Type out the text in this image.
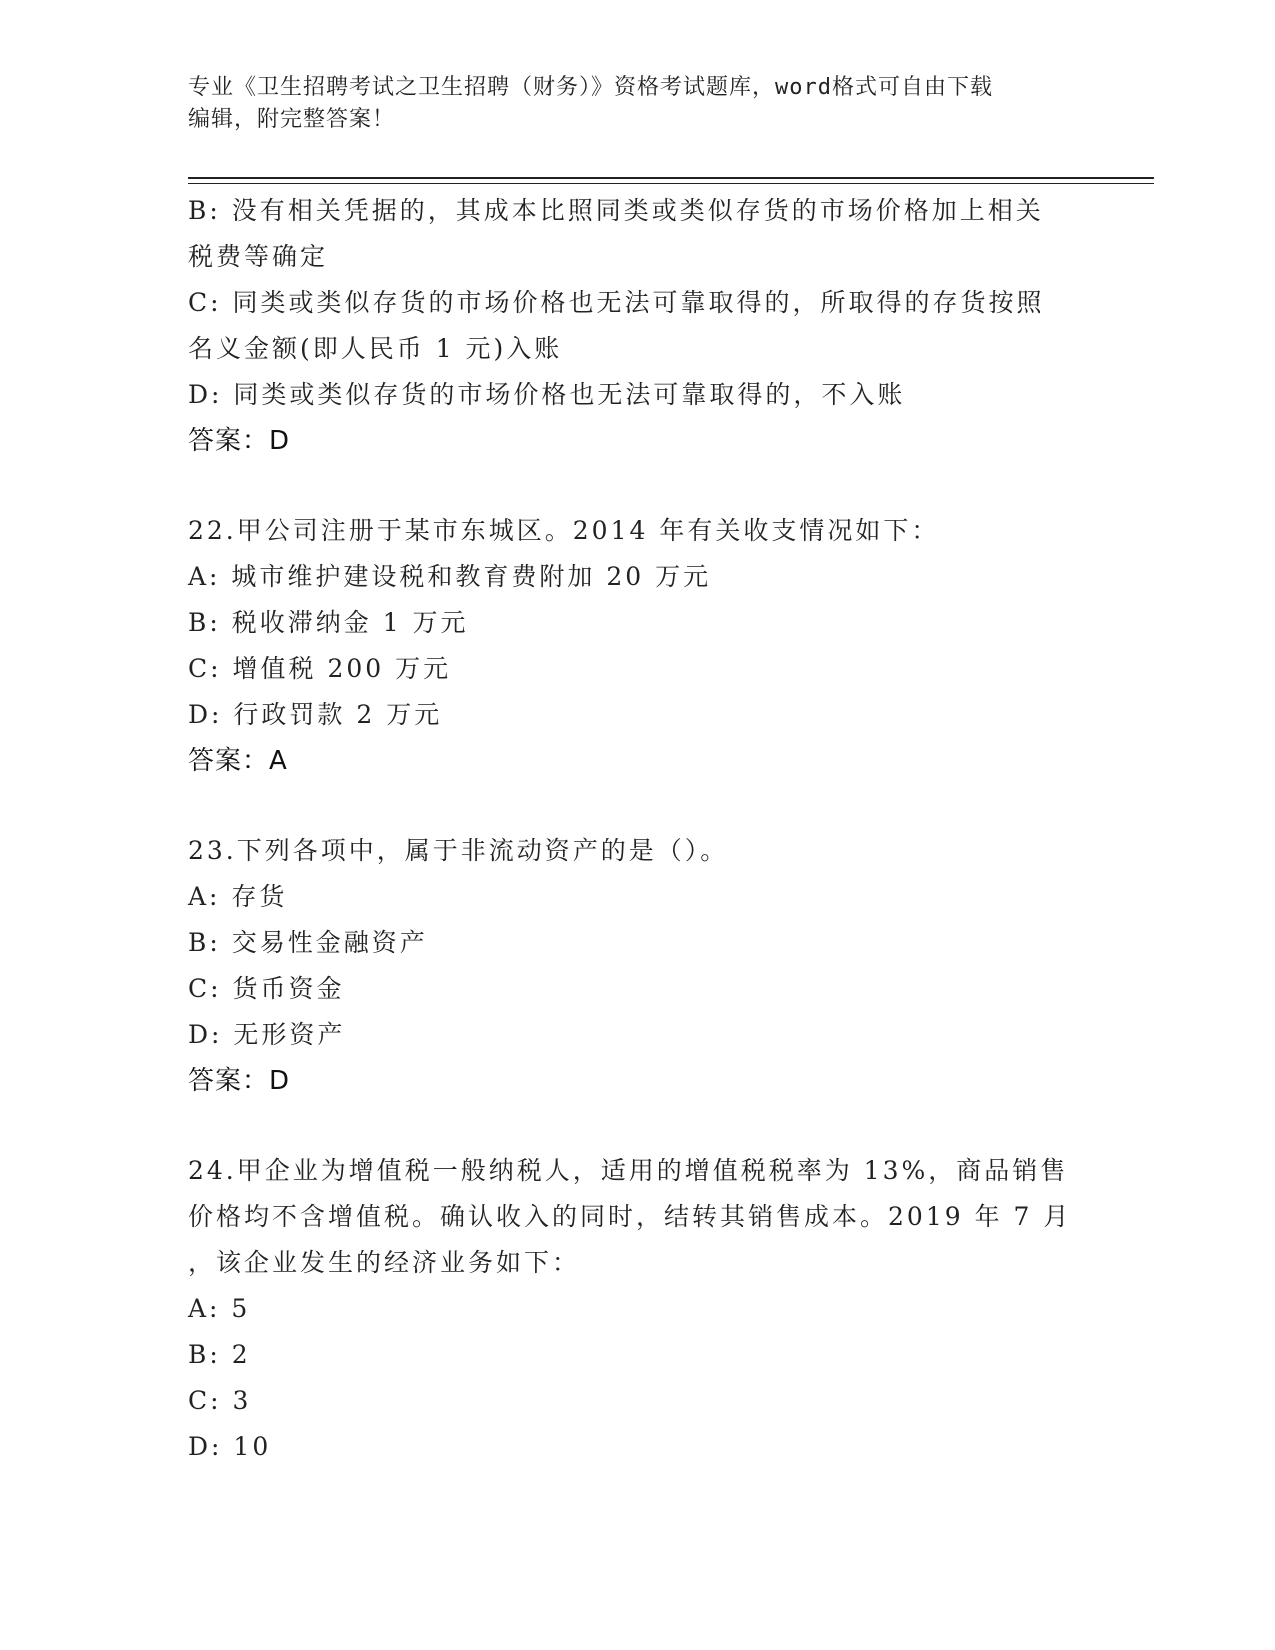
专业《卫生招聘考试之卫生招聘（财务）》资格考试题库，word格式可自由下载
编辑，附完整答案！
B: 没有相关凭据的，其成本比照同类或类似存货的市场价格加上相关
税费等确定
C: 同类或类似存货的市场价格也无法可靠取得的，所取得的存货按照
名义金额(即人民币 1 元)入账
D: 同类或类似存货的市场价格也无法可靠取得的，不入账
答案：D
22.甲公司注册于某市东城区。2014 年有关收支情况如下：
A: 城市维护建设税和教育费附加 20 万元
B: 税收滞纳金 1 万元
C: 增值税 200 万元
D: 行政罚款 2 万元
答案：A
23.下列各项中，属于非流动资产的是（）。
A: 存货
B: 交易性金融资产
C: 货币资金
D: 无形资产
答案：D
24.甲企业为增值税一般纳税人，适用的增值税税率为 13%，商品销售
价格均不含增值税。确认收入的同时，结转其销售成本。2019 年 7 月
，该企业发生的经济业务如下：
A: 5
B: 2
C: 3
D: 10
